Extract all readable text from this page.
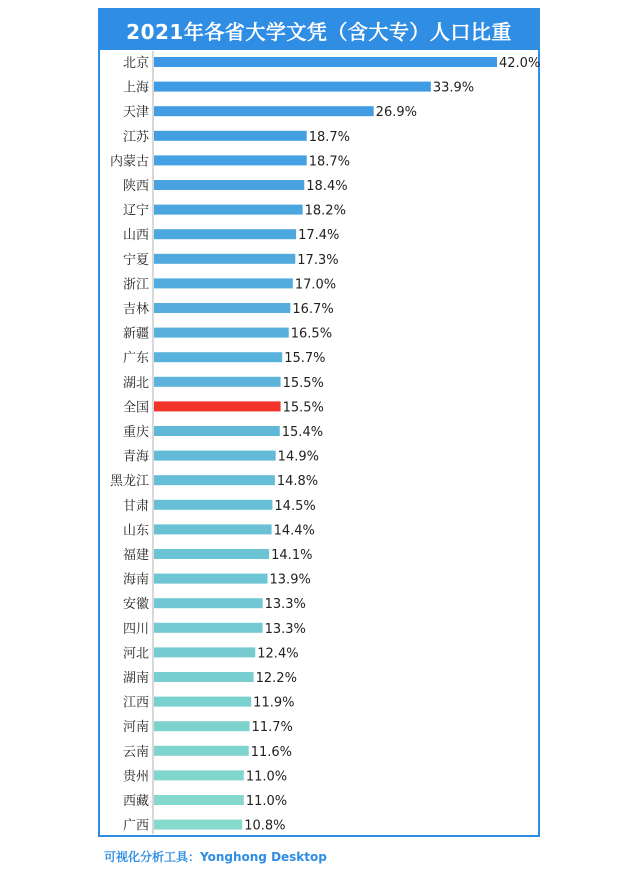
2021年各省大学文凭（含大专）人口比重
北京	42.0%
上海	33.9%
天津	26.9%
江苏	18.7%
内蒙古	18.7%
陕西	18.4%
辽宁	18.2%
山西	17.4%
宁夏	17.3%
浙江	17.0%
吉林	16.7%
新疆	16.5%
广东	15.7%
湖北	15.5%
全国	15.5%
重庆	15.4%
青海	14.9%
黑龙江	14.8%
甘肃	14.5%
山东	14.4%
福建	14.1%
海南	13.9%
安徽	13.3%
四川	13.3%
河北	12.4%
湖南	12.2%
江西	11.9%
河南	11.7%
云南	11.6%
贵州	11.0%
西藏	11.0%
广西	10.8%
可视化分析工具：Yonghong Desktop
